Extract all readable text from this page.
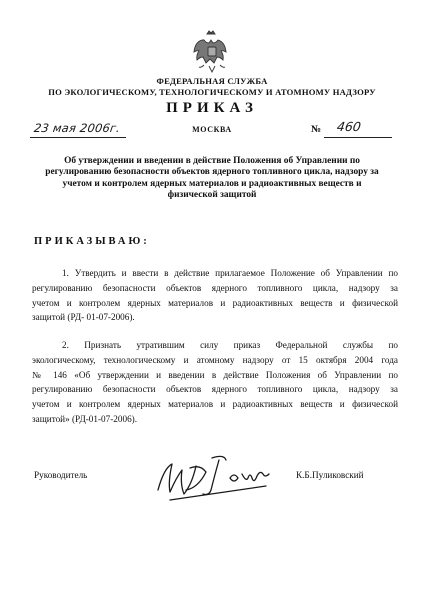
ФЕДЕРАЛЬНАЯ СЛУЖБА
ПО ЭКОЛОГИЧЕСКОМУ, ТЕХНОЛОГИЧЕСКОМУ И АТОМНОМУ НАДЗОРУ
ПРИКАЗ
23 мая 2006г.	МОСКВА	№ 460
Об утверждении и введении в действие Положения об Управлении по
регулированию безопасности объектов ядерного топливного цикла, надзору за
учетом и контролем ядерных материалов и радиоактивных веществ и
физической защитой
ПРИКАЗЫВАЮ:
1. Утвердить и ввести в действие прилагаемое Положение об Управлении по
регулированию безопасности объектов ядерного топливного цикла, надзору за
учетом и контролем ядерных материалов и радиоактивных веществ и физической
защитой (РД- 01-07-2006).
2. Признать утратившим силу приказ Федеральной службы по
экологическому, технологическому и атомному надзору от 15 октября 2004 года
№ 146 «Об утверждении и введении в действие Положения об Управлении по
регулированию безопасности объектов ядерного топливного цикла, надзору за
учетом и контролем ядерных материалов и радиоактивных веществ и физической
защитой» (РД-01-07-2006).
Руководитель	К.Б.Пуликовский
